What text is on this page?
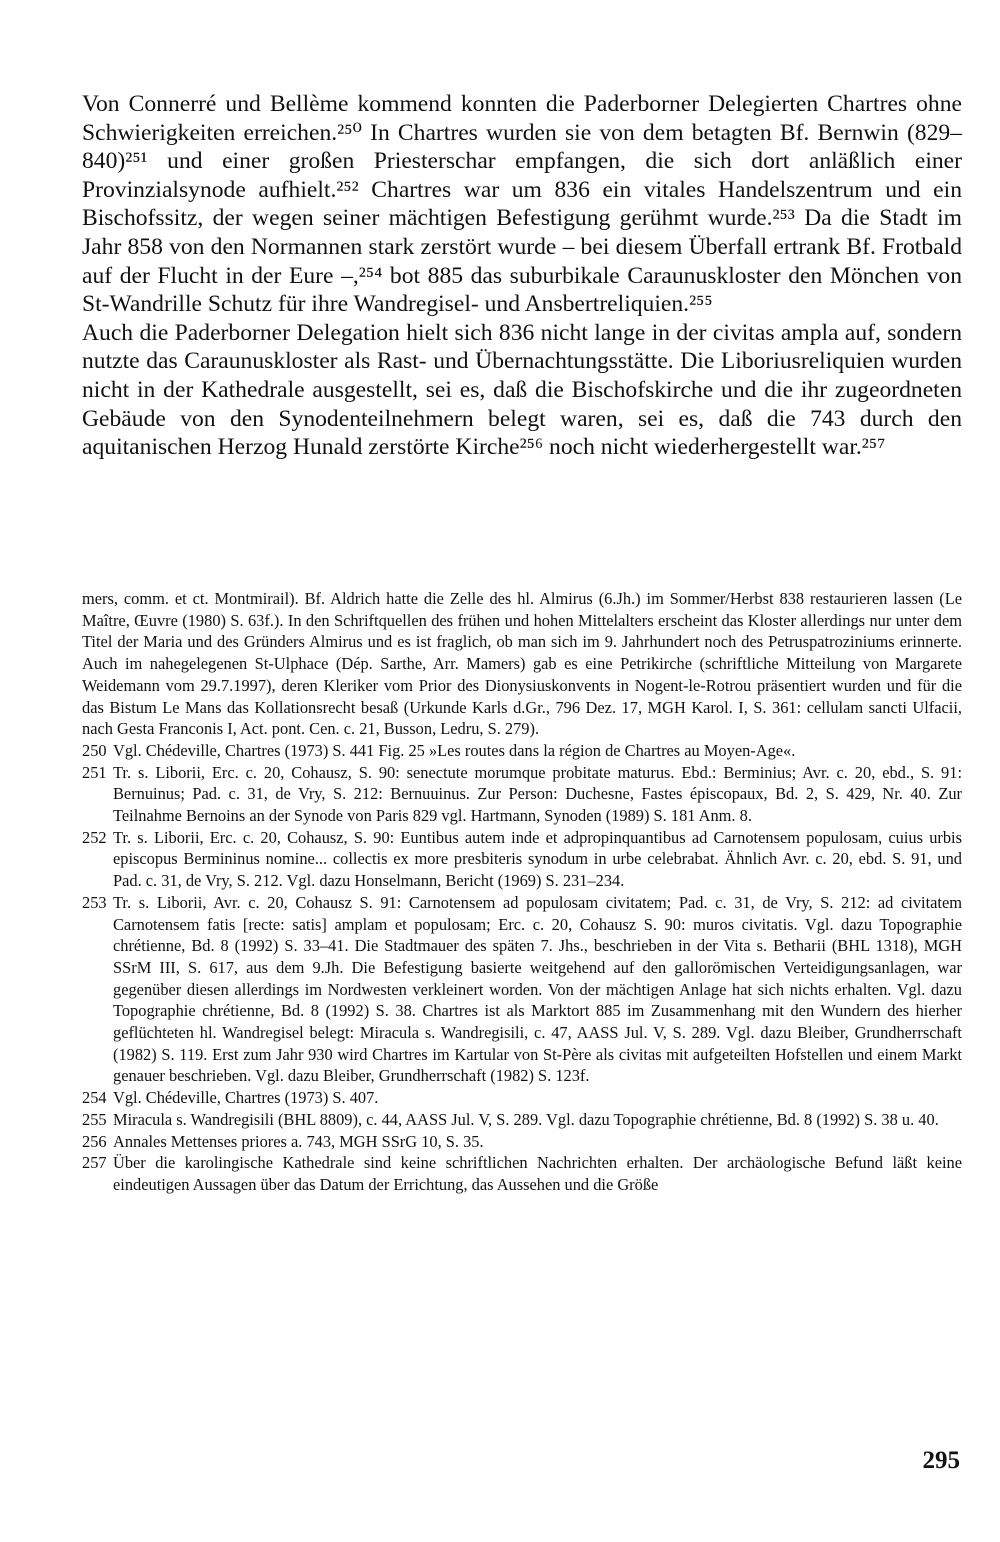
Von Connerré und Bellème kommend konnten die Paderborner Delegierten Chartres ohne Schwierigkeiten erreichen.²⁵⁰ In Chartres wurden sie von dem betagten Bf. Bernwin (829–840)²⁵¹ und einer großen Priesterschar empfangen, die sich dort anläßlich einer Provinzialsynode aufhielt.²⁵² Chartres war um 836 ein vitales Handelszentrum und ein Bischofssitz, der wegen seiner mächtigen Befestigung gerühmt wurde.²⁵³ Da die Stadt im Jahr 858 von den Normannen stark zerstört wurde – bei diesem Überfall ertrank Bf. Frotbald auf der Flucht in der Eure –,²⁵⁴ bot 885 das suburbikale Caraunuskloster den Mönchen von St-Wandrille Schutz für ihre Wandregisel- und Ansbertreliquien.²⁵⁵

Auch die Paderborner Delegation hielt sich 836 nicht lange in der civitas ampla auf, sondern nutzte das Caraunuskloster als Rast- und Übernachtungsstätte. Die Liboriusreliquien wurden nicht in der Kathedrale ausgestellt, sei es, daß die Bischofskirche und die ihr zugeordneten Gebäude von den Synodenteilnehmern belegt waren, sei es, daß die 743 durch den aquitanischen Herzog Hunald zerstörte Kirche²⁵⁶ noch nicht wiederhergestellt war.²⁵⁷

mers, comm. et ct. Montmirail). Bf. Aldrich hatte die Zelle des hl. Almirus (6.Jh.) im Sommer/Herbst 838 restaurieren lassen (Le Maître, Œuvre (1980) S. 63f.). In den Schriftquellen des frühen und hohen Mittelalters erscheint das Kloster allerdings nur unter dem Titel der Maria und des Gründers Almirus und es ist fraglich, ob man sich im 9. Jahrhundert noch des Petruspatroziniums erinnerte. Auch im nahegelegenen St-Ulphace (Dép. Sarthe, Arr. Mamers) gab es eine Petrikirche (schriftliche Mitteilung von Margarete Weidemann vom 29.7.1997), deren Kleriker vom Prior des Dionysiuskonvents in Nogent-le-Rotrou präsentiert wurden und für die das Bistum Le Mans das Kollationsrecht besaß (Urkunde Karls d.Gr., 796 Dez. 17, MGH Karol. I, S. 361: cellulam sancti Ulfacii, nach Gesta Franconis I, Act. pont. Cen. c. 21, Busson, Ledru, S. 279).

250 Vgl. Chédeville, Chartres (1973) S. 441 Fig. 25 »Les routes dans la région de Chartres au Moyen-Age«.

251 Tr. s. Liborii, Erc. c. 20, Cohausz, S. 90: senectute morumque probitate maturus. Ebd.: Berminius; Avr. c. 20, ebd., S. 91: Bernuinus; Pad. c. 31, de Vry, S. 212: Bernuuinus. Zur Person: Duchesne, Fastes épiscopaux, Bd. 2, S. 429, Nr. 40. Zur Teilnahme Bernoins an der Synode von Paris 829 vgl. Hartmann, Synoden (1989) S. 181 Anm. 8.

252 Tr. s. Liborii, Erc. c. 20, Cohausz, S. 90: Euntibus autem inde et adpropinquantibus ad Carnotensem populosam, cuius urbis episcopus Bermininus nomine... collectis ex more presbiteris synodum in urbe celebrabat. Ähnlich Avr. c. 20, ebd. S. 91, und Pad. c. 31, de Vry, S. 212. Vgl. dazu Honselmann, Bericht (1969) S. 231–234.

253 Tr. s. Liborii, Avr. c. 20, Cohausz S. 91: Carnotensem ad populosam civitatem; Pad. c. 31, de Vry, S. 212: ad civitatem Carnotensem fatis [recte: satis] amplam et populosam; Erc. c. 20, Cohausz S. 90: muros civitatis. Vgl. dazu Topographie chrétienne, Bd. 8 (1992) S. 33–41. Die Stadtmauer des späten 7. Jhs., beschrieben in der Vita s. Betharii (BHL 1318), MGH SSrM III, S. 617, aus dem 9.Jh. Die Befestigung basierte weitgehend auf den gallorömischen Verteidigungsanlagen, war gegenüber diesen allerdings im Nordwesten verkleinert worden. Von der mächtigen Anlage hat sich nichts erhalten. Vgl. dazu Topographie chrétienne, Bd. 8 (1992) S. 38. Chartres ist als Marktort 885 im Zusammenhang mit den Wundern des hierher geflüchteten hl. Wandregisel belegt: Miracula s. Wandregisili, c. 47, AASS Jul. V, S. 289. Vgl. dazu Bleiber, Grundherrschaft (1982) S. 119. Erst zum Jahr 930 wird Chartres im Kartular von St-Père als civitas mit aufgeteilten Hofstellen und einem Markt genauer beschrieben. Vgl. dazu Bleiber, Grundherrschaft (1982) S. 123f.

254 Vgl. Chédeville, Chartres (1973) S. 407.

255 Miracula s. Wandregisili (BHL 8809), c. 44, AASS Jul. V, S. 289. Vgl. dazu Topographie chrétienne, Bd. 8 (1992) S. 38 u. 40.

256 Annales Mettenses priores a. 743, MGH SSrG 10, S. 35.

257 Über die karolingische Kathedrale sind keine schriftlichen Nachrichten erhalten. Der archäologische Befund läßt keine eindeutigen Aussagen über das Datum der Errichtung, das Aussehen und die Größe

295
